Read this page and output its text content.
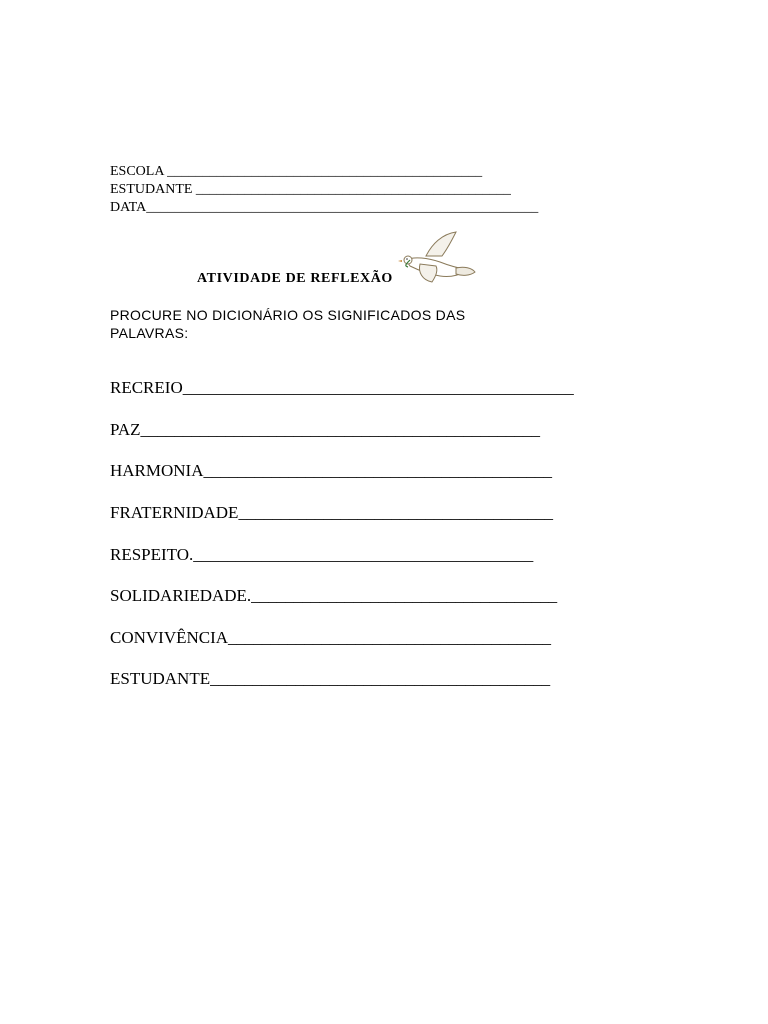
ESCOLA _____________________________________________
ESTUDANTE _____________________________________________
DATA________________________________________________________
ATIVIDADE DE REFLEXÃO
PROCURE NO DICIONÁRIO OS SIGNIFICADOS DAS PALAVRAS:
RECREIO______________________________________________
PAZ_______________________________________________
HARMONIA_________________________________________
FRATERNIDADE_____________________________________
RESPEITO.________________________________________
SOLIDARIEDADE.____________________________________
CONVIVÊNCIA______________________________________
ESTUDANTE________________________________________
